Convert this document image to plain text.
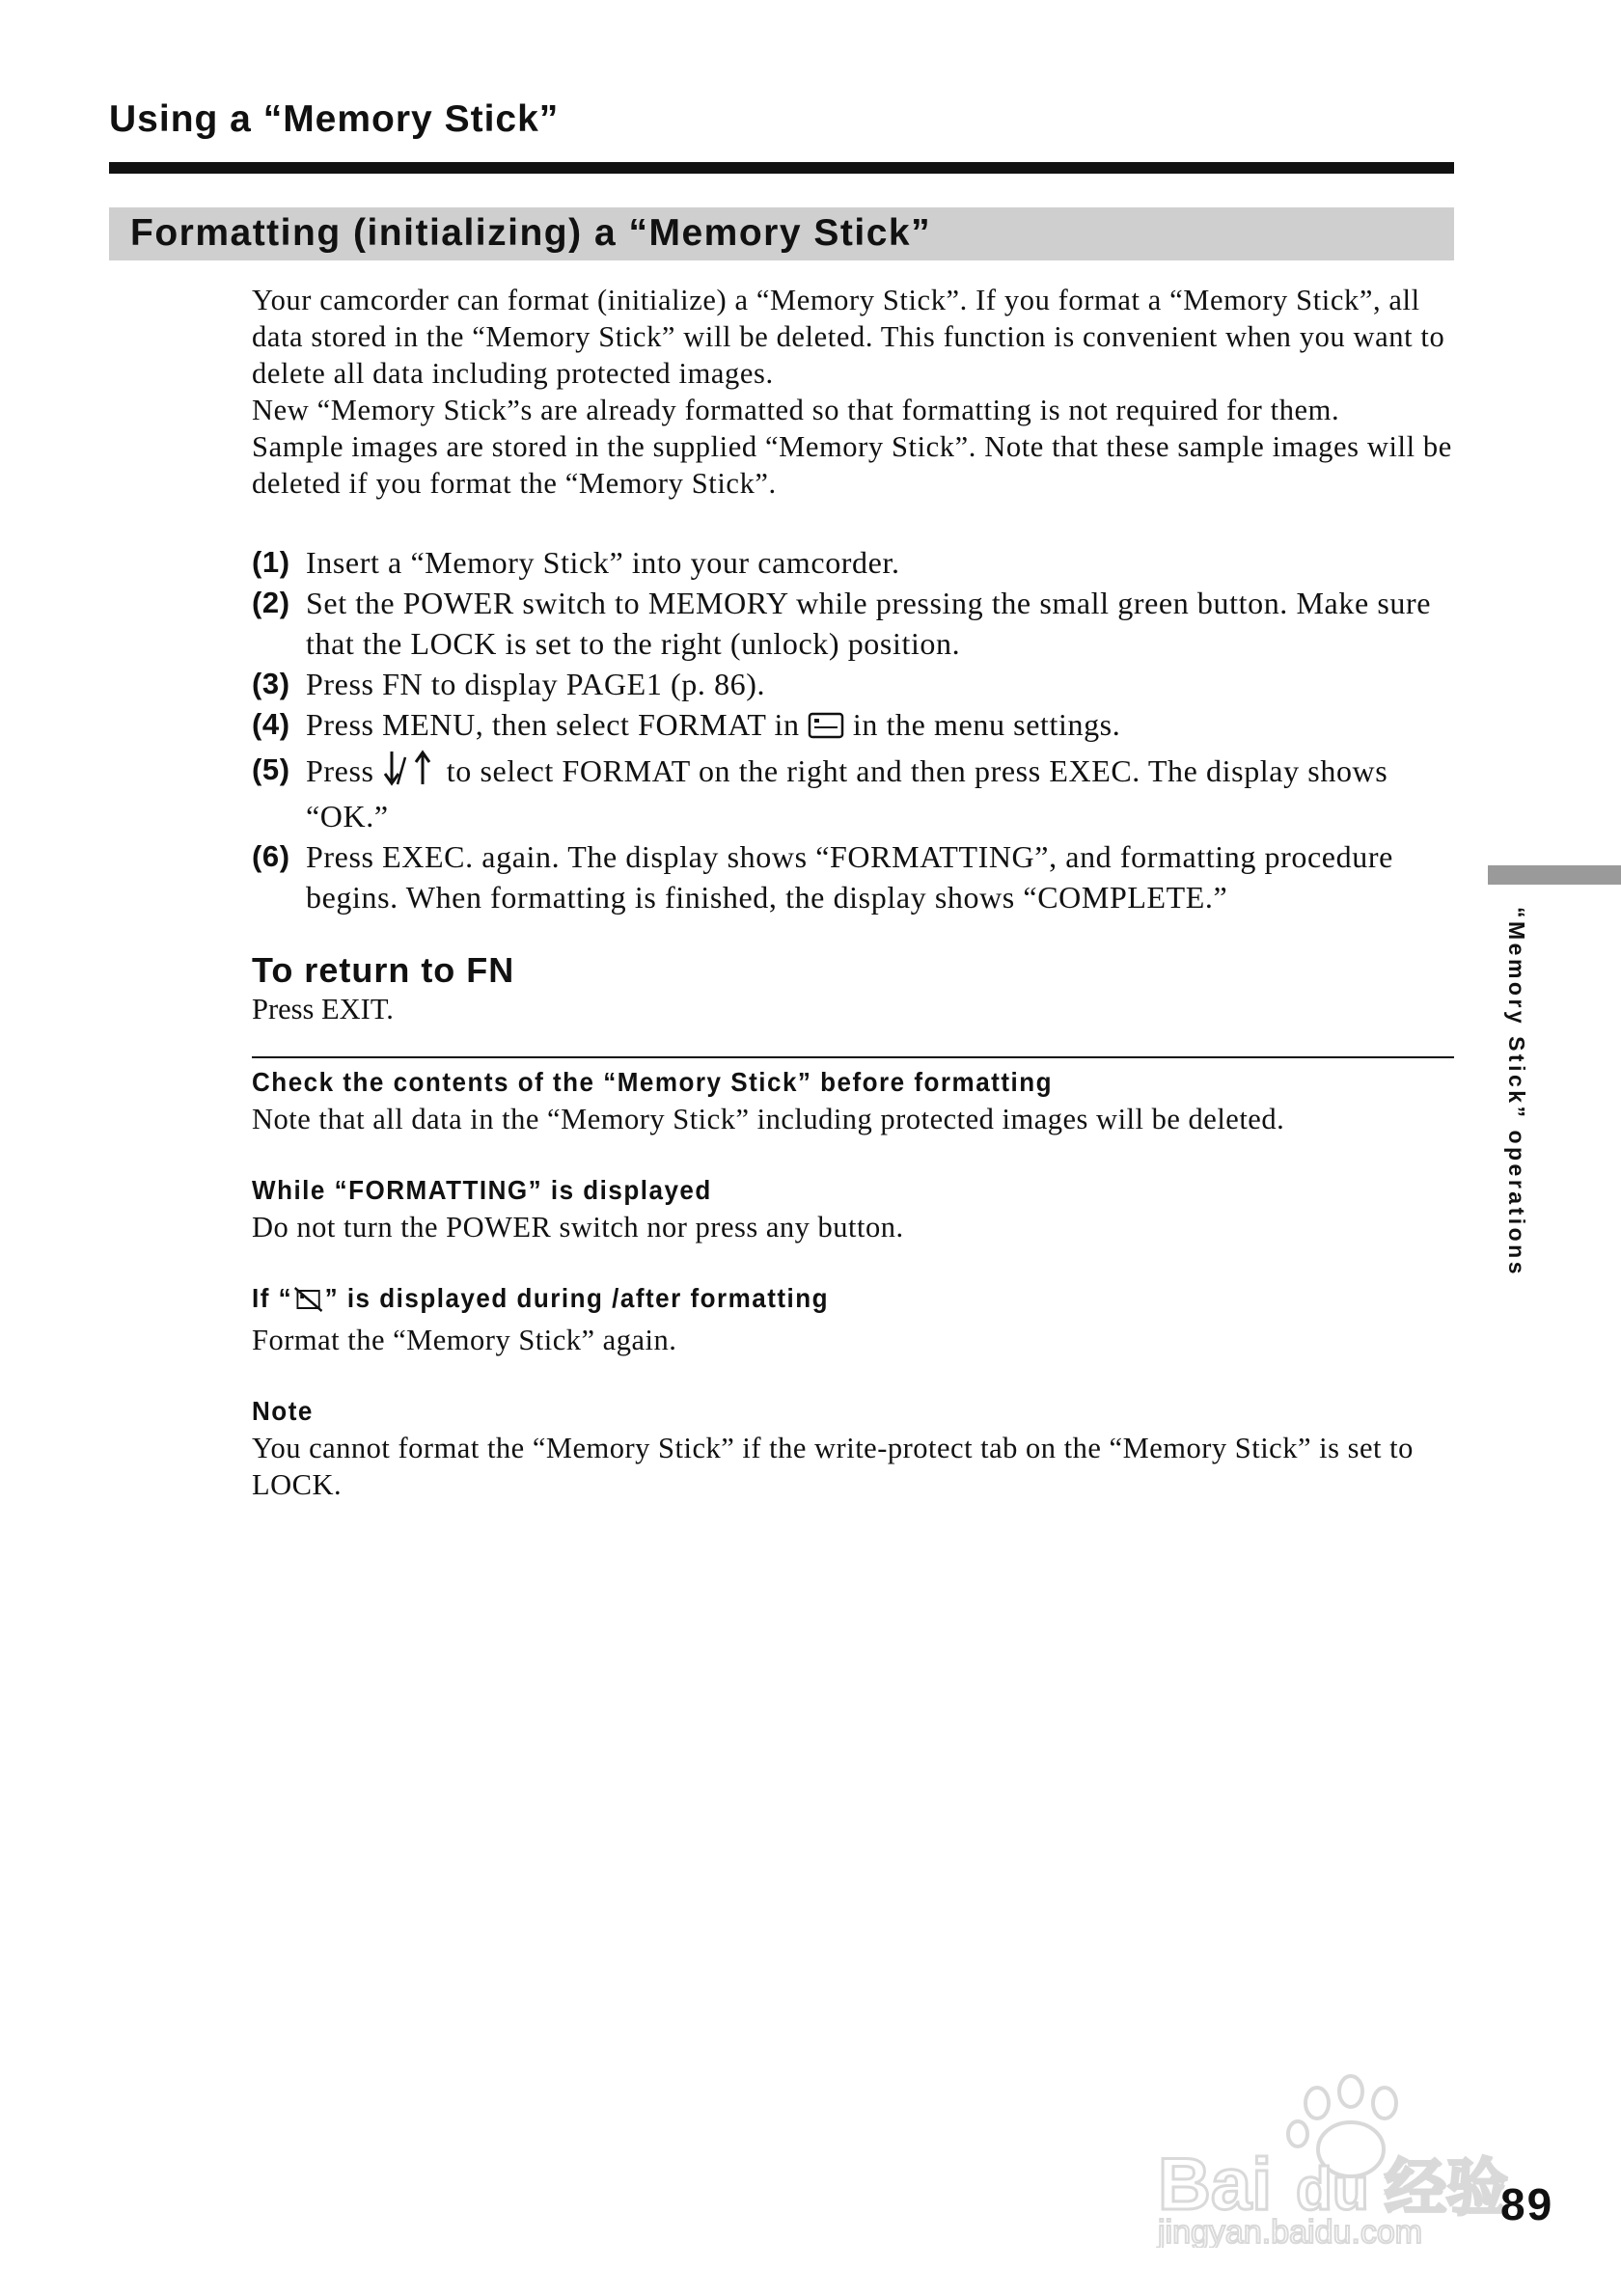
Using a “Memory Stick”
Formatting (initializing) a “Memory Stick”

Your camcorder can format (initialize) a “Memory Stick”. If you format a “Memory Stick”, all data stored in the “Memory Stick” will be deleted. This function is convenient when you want to delete all data including protected images.

New “Memory Stick”s are already formatted so that formatting is not required for them.

Sample images are stored in the supplied “Memory Stick”. Note that these sample images will be deleted if you format the “Memory Stick”.

(1) Insert a “Memory Stick” into your camcorder.
(2) Set the POWER switch to MEMORY while pressing the small green button. Make sure that the LOCK is set to the right (unlock) position.
(3) Press FN to display PAGE1 (p. 86).
(4) Press MENU, then select FORMAT in in the menu settings.
(5) Press to select FORMAT on the right and then press EXEC. The display shows “OK.”
(6) Press EXEC. again. The display shows “FORMATTING”, and formatting procedure begins. When formatting is finished, the display shows “COMPLETE.”
To return to FN

Press EXIT.

Check the contents of the “Memory Stick” before formatting

Note that all data in the “Memory Stick” including protected images will be deleted.

While “FORMATTING” is displayed

Do not turn the POWER switch nor press any button.

If “ ” is displayed during /after formatting

Format the “Memory Stick” again.

Note

You cannot format the “Memory Stick” if the write-protect tab on the “Memory Stick” is set to LOCK.

“Memory Stick” operations

Bai du 经验
jingyan.baidu.com

89
